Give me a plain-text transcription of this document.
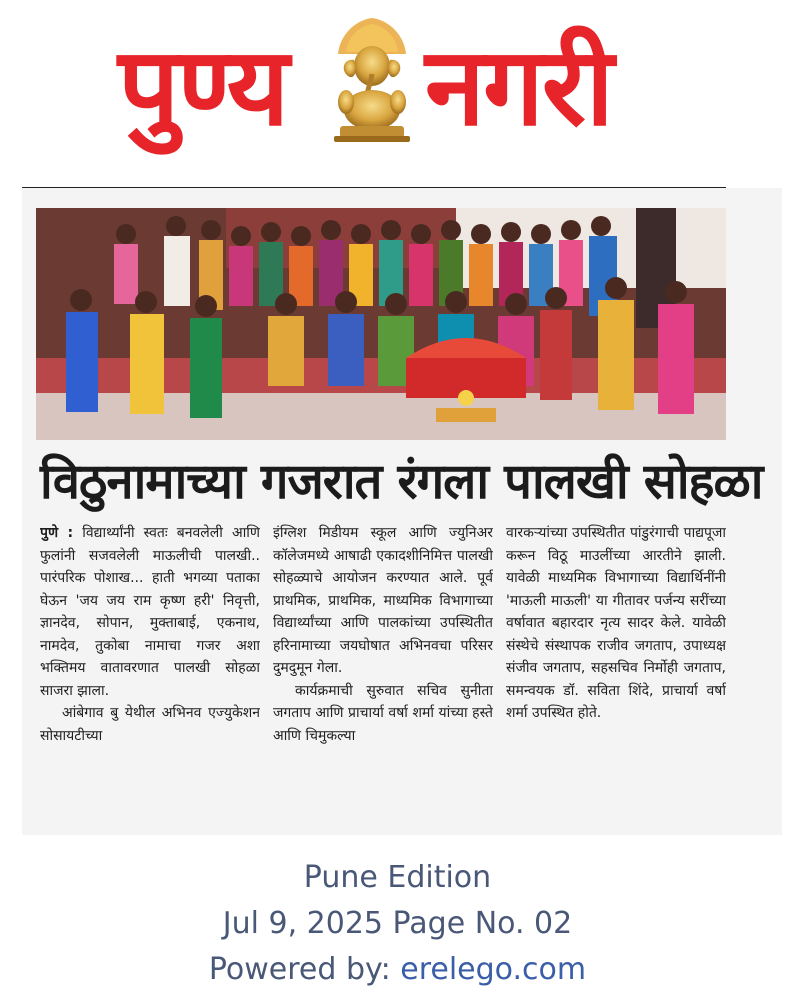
पुण्य नगरी
विठुनामाच्या गजरात रंगला पालखी सोहळा

पुणे : विद्यार्थ्यांनी स्वतः बनवलेली आणि फुलांनी सजवलेली माऊलीची पालखी.. पारंपरिक पोशाख... हाती भगव्या पताका घेऊन 'जय जय राम कृष्ण हरी' निवृत्ती, ज्ञानदेव, सोपान, मुक्ताबाई, एकनाथ, नामदेव, तुकोबा नामाचा गजर अशा भक्तिमय वातावरणात पालखी सोहळा साजरा झाला.

आंबेगाव बु येथील अभिनव एज्युकेशन सोसायटीच्या

इंग्लिश मिडीयम स्कूल आणि ज्युनिअर कॉलेजमध्ये आषाढी एकादशीनिमित्त पालखी सोहळ्याचे आयोजन करण्यात आले. पूर्व प्राथमिक, प्राथमिक, माध्यमिक विभागाच्या विद्यार्थ्यांच्या आणि पालकांच्या उपस्थितीत हरिनामाच्या जयघोषात अभिनवचा परिसर दुमदुमून गेला.

कार्यक्रमाची सुरुवात सचिव सुनीता जगताप आणि प्राचार्या वर्षा शर्मा यांच्या हस्ते आणि चिमुकल्या

वारकऱ्यांच्या उपस्थितीत पांडुरंगाची पाद्यपूजा करून विठू माउलींच्या आरतीने झाली. यावेळी माध्यमिक विभागाच्या विद्यार्थिनींनी 'माऊली माऊली' या गीतावर पर्जन्य सरींच्या वर्षावात बहारदार नृत्य सादर केले. यावेळी संस्थेचे संस्थापक राजीव जगताप, उपाध्यक्ष संजीव जगताप, सहसचिव निर्मोही जगताप, समन्वयक डॉ. सविता शिंदे, प्राचार्या वर्षा शर्मा उपस्थित होते.

Pune Edition
Jul 9, 2025 Page No. 02
Powered by: erelego.com
